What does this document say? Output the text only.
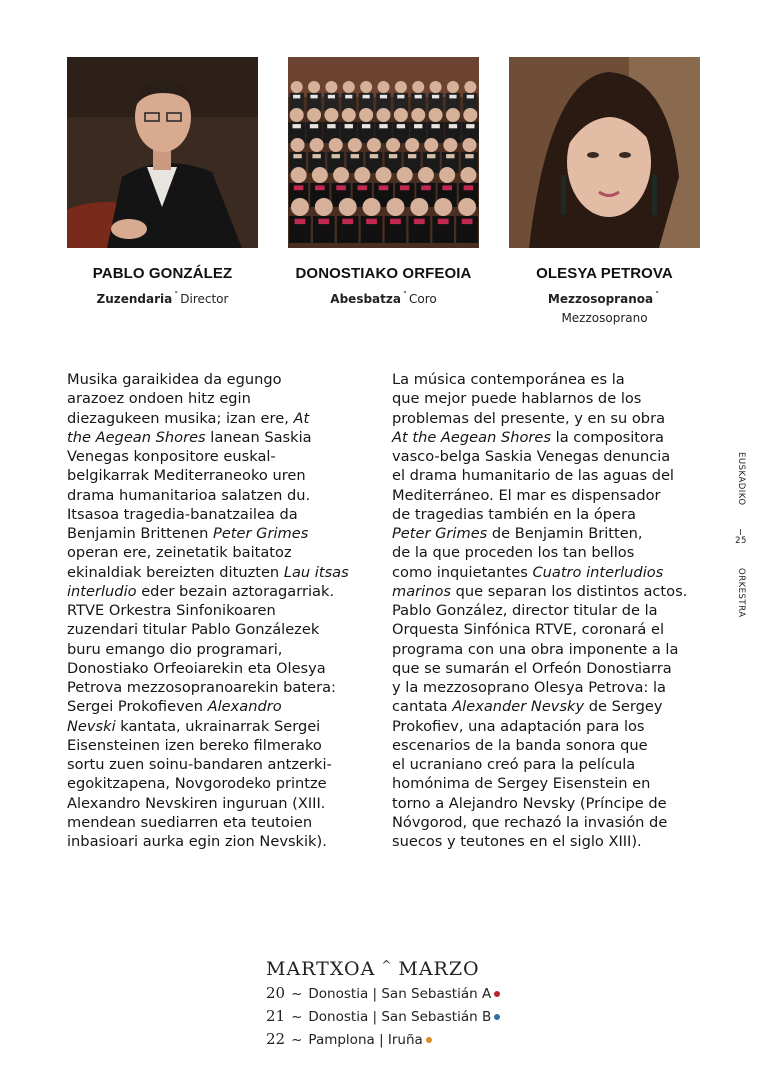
PABLO GONZÁLEZ
Zuzendaria ˚ Director
DONOSTIAKO ORFEOIA
Abesbatza ˚ Coro
OLESYA PETROVA
Mezzosopranoa ˚
Mezzosoprano
Musika garaikidea da egungo
arazoez ondoen hitz egin
diezagukeen musika; izan ere, At
the Aegean Shores lanean Saskia
Venegas konpositore euskal-
belgikarrak Mediterraneoko uren
drama humanitarioa salatzen du.
Itsasoa tragedia-banatzailea da
Benjamin Brittenen Peter Grimes
operan ere, zeinetatik baitatoz
ekinaldiak bereizten dituzten Lau itsas
interludio eder bezain aztoragarriak.
RTVE Orkestra Sinfonikoaren
zuzendari titular Pablo Gonzálezek
buru emango dio programari,
Donostiako Orfeoiarekin eta Olesya
Petrova mezzosopranoarekin batera:
Sergei Prokofieven Alexandro
Nevski kantata, ukrainarrak Sergei
Eisensteinen izen bereko filmerako
sortu zuen soinu-bandaren antzerki-
egokitzapena, Novgorodeko printze
Alexandro Nevskiren inguruan (XIII.
mendean suediarren eta teutoien
inbasioari aurka egin zion Nevskik).
La música contemporánea es la
que mejor puede hablarnos de los
problemas del presente, y en su obra
At the Aegean Shores la compositora
vasco-belga Saskia Venegas denuncia
el drama humanitario de las aguas del
Mediterráneo. El mar es dispensador
de tragedias también en la ópera
Peter Grimes de Benjamin Britten,
de la que proceden los tan bellos
como inquietantes Cuatro interludios
marinos que separan los distintos actos.
Pablo González, director titular de la
Orquesta Sinfónica RTVE, coronará el
programa con una obra imponente a la
que se sumarán el Orfeón Donostiarra
y la mezzosoprano Olesya Petrova: la
cantata Alexander Nevsky de Sergey
Prokofiev, una adaptación para los
escenarios de la banda sonora que
el ucraniano creó para la película
homónima de Sergey Eisenstein en
torno a Alejandro Nevsky (Príncipe de
Nóvgorod, que rechazó la invasión de
suecos y teutones en el siglo XIII).
EUSKADIKO
25
ORKESTRA
MARTXOA ^ MARZO
20 ~ Donostia | San Sebastián A
21 ~ Donostia | San Sebastián B
22 ~ Pamplona | Iruña
